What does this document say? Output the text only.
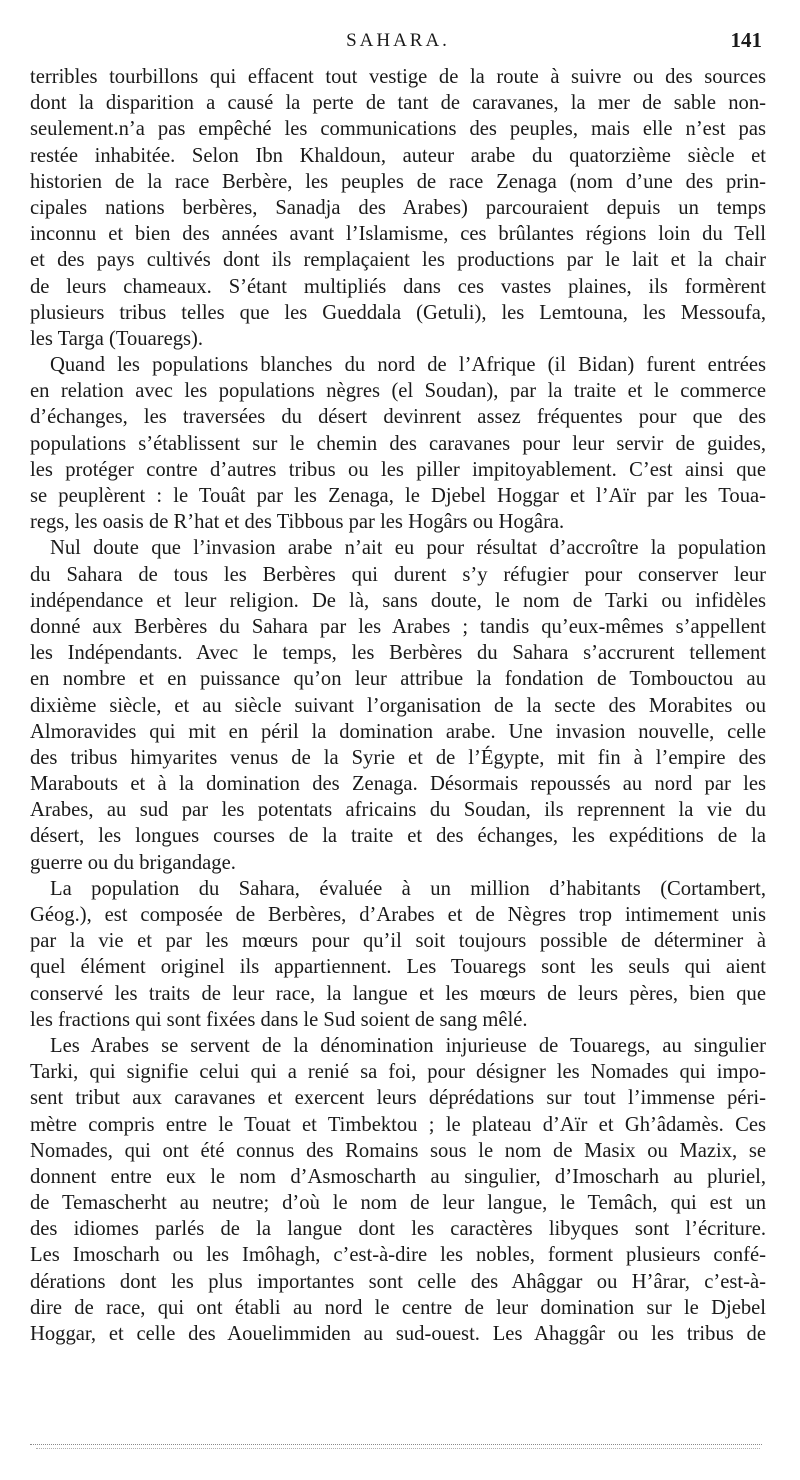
SAHARA.	141
terribles tourbillons qui effacent tout vestige de la route à suivre ou des sources
dont la disparition a causé la perte de tant de caravanes, la mer de sable non-
seulement.n’a pas empêché les communications des peuples, mais elle n’est pas
restée inhabitée. Selon Ibn Khaldoun, auteur arabe du quatorzième siècle et
historien de la race Berbère, les peuples de race Zenaga (nom d’une des prin-
cipales nations berbères, Sanadja des Arabes) parcouraient depuis un temps
inconnu et bien des années avant l’Islamisme, ces brûlantes régions loin du Tell
et des pays cultivés dont ils remplaçaient les productions par le lait et la chair
de leurs chameaux. S’étant multipliés dans ces vastes plaines, ils formèrent
plusieurs tribus telles que les Gueddala (Getuli), les Lemtouna, les Messoufa,
les Targa (Touaregs).
Quand les populations blanches du nord de l’Afrique (il Bidan) furent entrées
en relation avec les populations nègres (el Soudan), par la traite et le commerce
d’échanges, les traversées du désert devinrent assez fréquentes pour que des
populations s’établissent sur le chemin des caravanes pour leur servir de guides,
les protéger contre d’autres tribus ou les piller impitoyablement. C’est ainsi que
se peuplèrent : le Touât par les Zenaga, le Djebel Hoggar et l’Aïr par les Toua-
regs, les oasis de R’hat et des Tibbous par les Hogârs ou Hogâra.
Nul doute que l’invasion arabe n’ait eu pour résultat d’accroître la population
du Sahara de tous les Berbères qui durent s’y réfugier pour conserver leur
indépendance et leur religion. De là, sans doute, le nom de Tarki ou infidèles
donné aux Berbères du Sahara par les Arabes ; tandis qu’eux-mêmes s’appellent
les Indépendants. Avec le temps, les Berbères du Sahara s’accrurent tellement
en nombre et en puissance qu’on leur attribue la fondation de Tombouctou au
dixième siècle, et au siècle suivant l’organisation de la secte des Morabites ou
Almoravides qui mit en péril la domination arabe. Une invasion nouvelle, celle
des tribus himyarites venus de la Syrie et de l’Égypte, mit fin à l’empire des
Marabouts et à la domination des Zenaga. Désormais repoussés au nord par les
Arabes, au sud par les potentats africains du Soudan, ils reprennent la vie du
désert, les longues courses de la traite et des échanges, les expéditions de la
guerre ou du brigandage.
La population du Sahara, évaluée à un million d’habitants (Cortambert,
Géog.), est composée de Berbères, d’Arabes et de Nègres trop intimement unis
par la vie et par les mœurs pour qu’il soit toujours possible de déterminer à
quel élément originel ils appartiennent. Les Touaregs sont les seuls qui aient
conservé les traits de leur race, la langue et les mœurs de leurs pères, bien que
les fractions qui sont fixées dans le Sud soient de sang mêlé.
Les Arabes se servent de la dénomination injurieuse de Touaregs, au singulier
Tarki, qui signifie celui qui a renié sa foi, pour désigner les Nomades qui impo-
sent tribut aux caravanes et exercent leurs déprédations sur tout l’immense péri-
mètre compris entre le Touat et Timbektou ; le plateau d’Aïr et Gh’âdamès. Ces
Nomades, qui ont été connus des Romains sous le nom de Masix ou Mazix, se
donnent entre eux le nom d’Asmoscharth au singulier, d’Imoscharh au pluriel,
de Temascherht au neutre; d’où le nom de leur langue, le Temâch, qui est un
des idiomes parlés de la langue dont les caractères libyques sont l’écriture.
Les Imoscharh ou les Imôhagh, c’est-à-dire les nobles, forment plusieurs confé-
dérations dont les plus importantes sont celle des Ahâggar ou H’ârar, c’est-à-
dire de race, qui ont établi au nord le centre de leur domination sur le Djebel
Hoggar, et celle des Aouelimmiden au sud-ouest. Les Ahaggâr ou les tribus de
